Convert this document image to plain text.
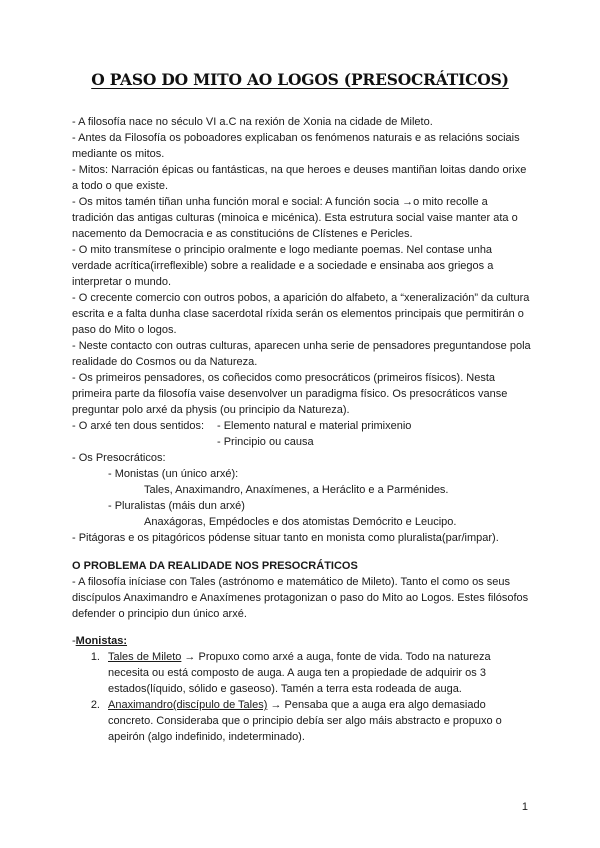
O PASO DO MITO AO LOGOS (PRESOCRÁTICOS)

- A filosofía nace no século VI a.C na rexión de Xonia na cidade de Mileto.

- Antes da Filosofía os poboadores explicaban os fenómenos naturais e as relacións sociais mediante os mitos.

- Mitos: Narración épicas ou fantásticas, na que heroes e deuses mantiñan loitas dando orixe a todo o que existe.

- Os mitos tamén tiñan unha función moral e social: A función socia →o mito recolle a tradición das antigas culturas (minoica e micénica). Esta estrutura social vaise manter ata o nacemento da Democracia e as constitucións de Clístenes e Pericles.

- O mito transmítese o principio oralmente e logo mediante poemas. Nel contase unha verdade acrítica(irreflexible) sobre a realidade e a sociedade e ensinaba aos griegos a interpretar o mundo.

- O crecente comercio con outros pobos, a aparición do alfabeto, a “xeneralización” da cultura escrita e a falta dunha clase sacerdotal ríxida serán os elementos principais que permitirán o paso do Mito o logos.

- Neste contacto con outras culturas, aparecen unha serie de pensadores preguntandose pola realidade do Cosmos ou da Natureza.

- Os primeiros pensadores, os coñecidos como presocráticos (primeiros físicos). Nesta primeira parte da filosofía vaise desenvolver un paradigma físico. Os presocráticos vanse preguntar polo arxé da physis (ou principio da Natureza).

- O arxé ten dous sentidos:	- Elemento natural e material primixenio
- Principio ou causa

- Os Presocráticos:

- Monistas (un único arxé):

Tales, Anaximandro, Anaxímenes, a Heráclito e a Parménides.

- Pluralistas (máis dun arxé)

Anaxágoras, Empédocles e dos atomistas Demócrito e Leucipo.

- Pitágoras e os pitagóricos pódense situar tanto en monista como pluralista(par/impar).

O PROBLEMA DA REALIDADE NOS PRESOCRÁTICOS

- A filosofía iníciase con Tales (astrónomo e matemático de Mileto). Tanto el como os seus discípulos Anaximandro e Anaxímenes protagonizan o paso do Mito ao Logos. Estes filósofos defender o principio dun único arxé.

-Monistas:

1. Tales de Mileto → Propuxo como arxé a auga, fonte de vida. Todo na natureza necesita ou está composto de auga. A auga ten a propiedade de adquirir os 3 estados(líquido, sólido e gaseoso). Tamén a terra esta rodeada de auga.
2. Anaximandro(discípulo de Tales) → Pensaba que a auga era algo demasiado concreto. Consideraba que o principio debía ser algo máis abstracto e propuxo o apeirón (algo indefinido, indeterminado).
1
